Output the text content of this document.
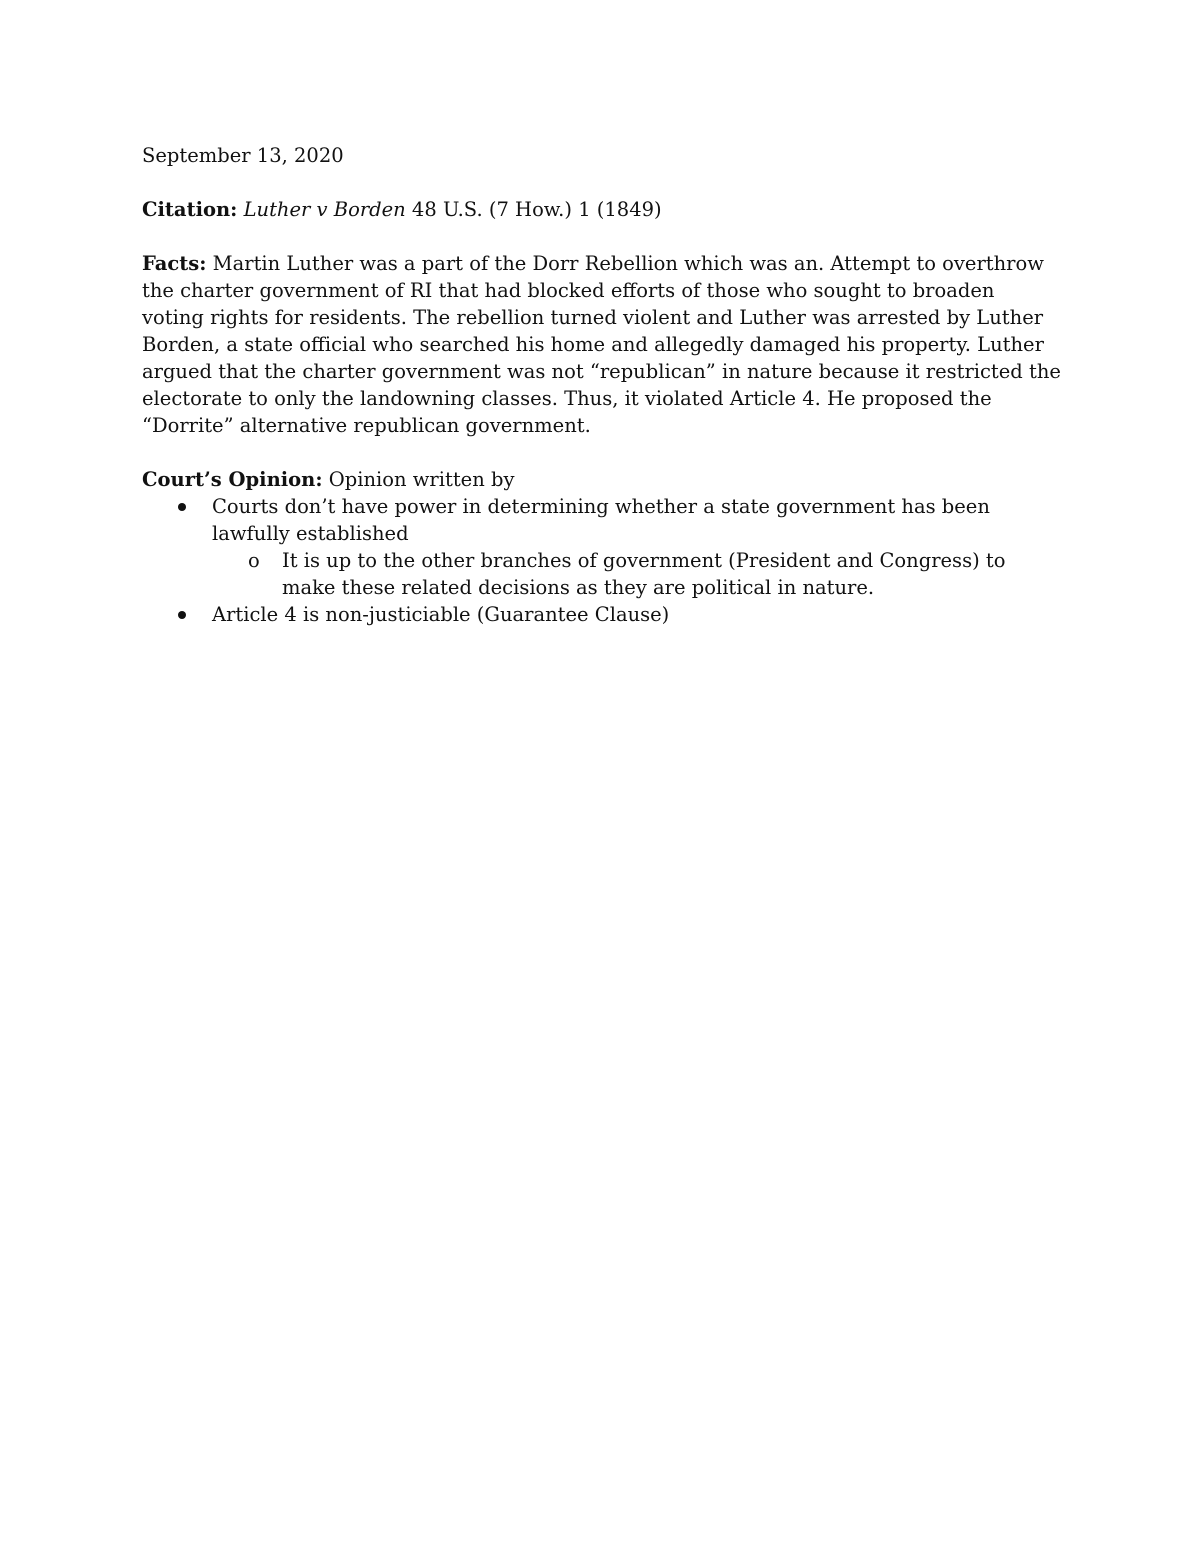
September 13, 2020

Citation: Luther v Borden 48 U.S. (7 How.) 1 (1849)

Facts: Martin Luther was a part of the Dorr Rebellion which was an. Attempt to overthrow the charter government of RI that had blocked efforts of those who sought to broaden voting rights for residents. The rebellion turned violent and Luther was arrested by Luther Borden, a state official who searched his home and allegedly damaged his property. Luther argued that the charter government was not “republican” in nature because it restricted the electorate to only the landowning classes. Thus, it violated Article 4. He proposed the “Dorrite” alternative republican government.

Court’s Opinion: Opinion written by

Courts don’t have power in determining whether a state government has been lawfully established
o It is up to the other branches of government (President and Congress) to make these related decisions as they are political in nature.
Article 4 is non-justiciable (Guarantee Clause)
